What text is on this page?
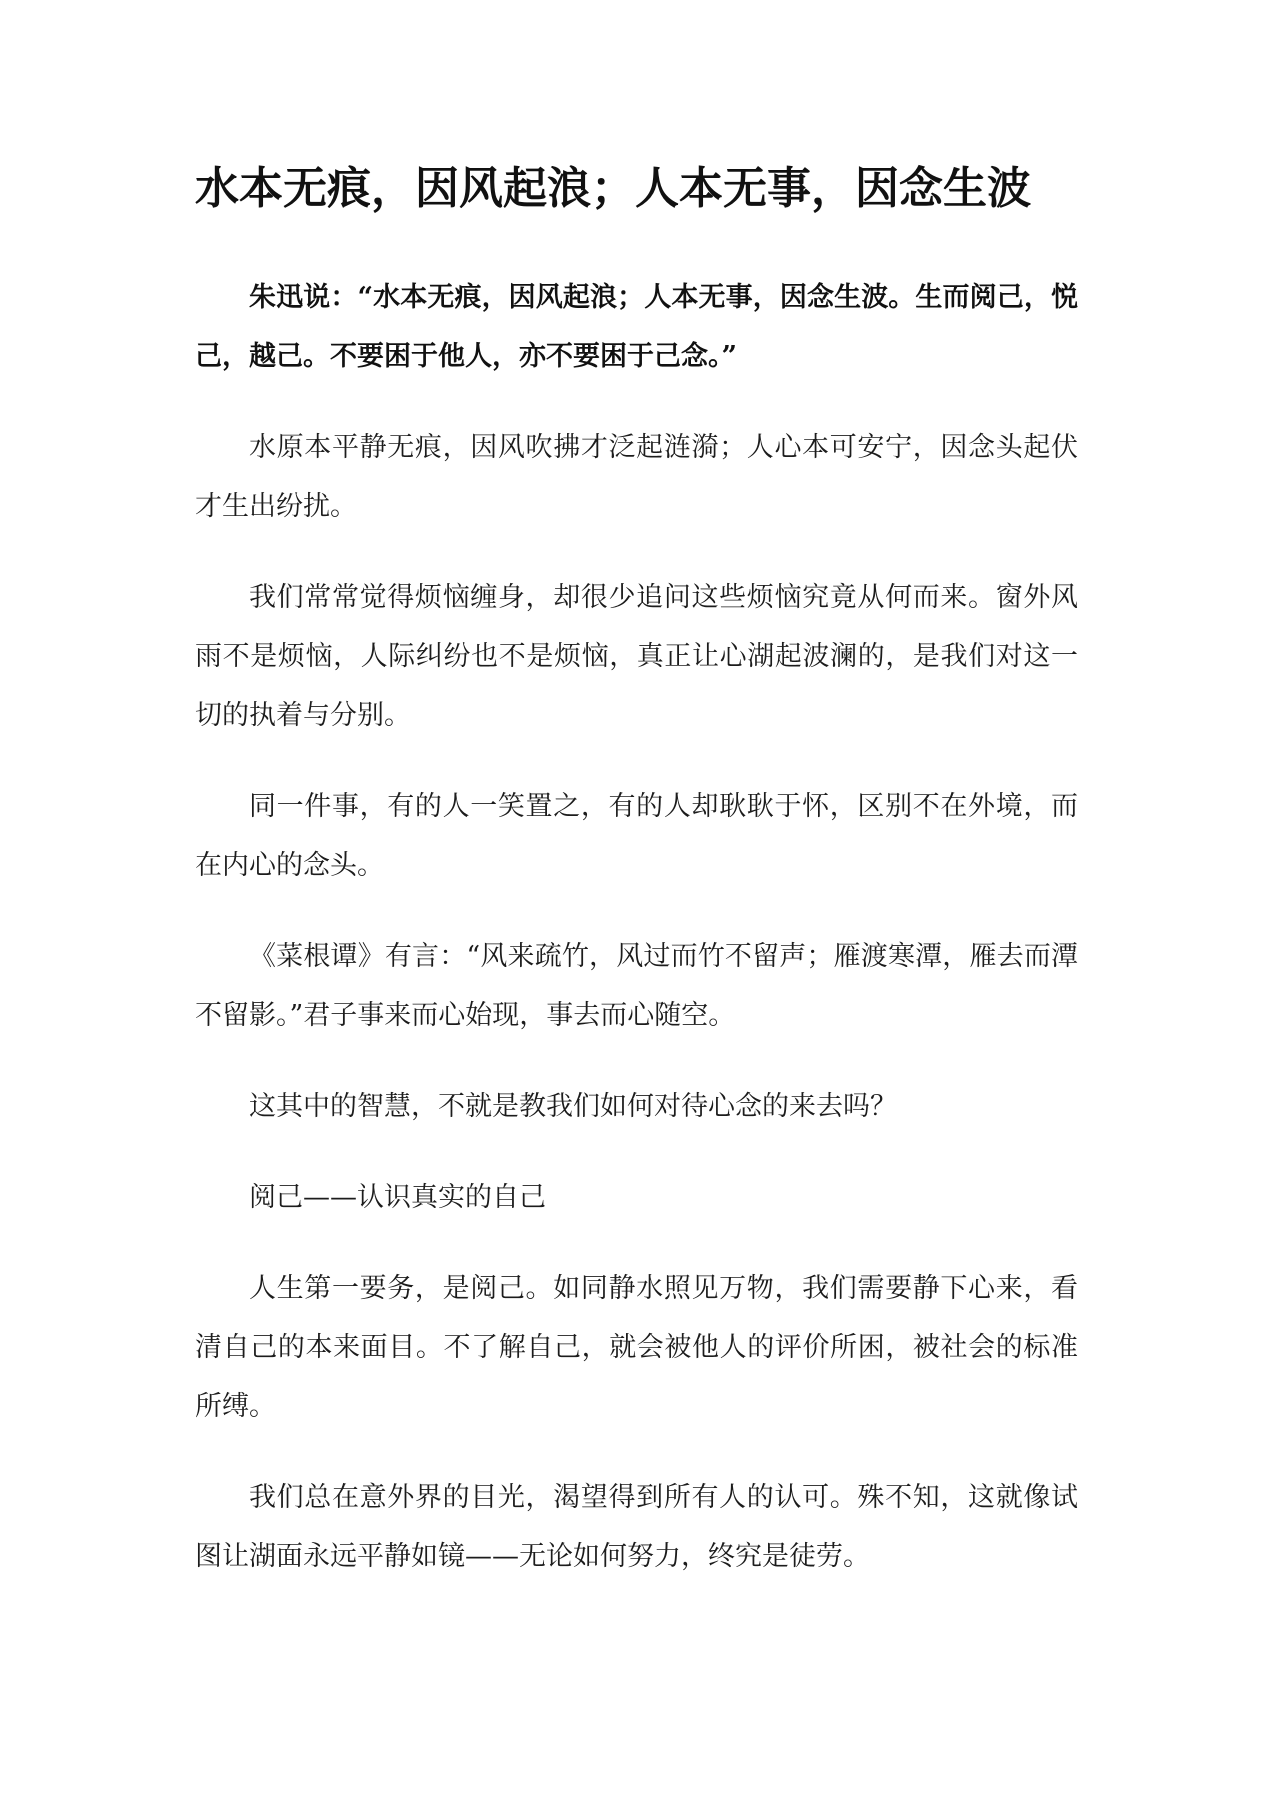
水本无痕，因风起浪；人本无事，因念生波

朱迅说：“水本无痕，因风起浪；人本无事，因念生波。生而阅己，悦己，越己。不要困于他人，亦不要困于己念。”

水原本平静无痕，因风吹拂才泛起涟漪；人心本可安宁，因念头起伏才生出纷扰。

我们常常觉得烦恼缠身，却很少追问这些烦恼究竟从何而来。窗外风雨不是烦恼，人际纠纷也不是烦恼，真正让心湖起波澜的，是我们对这一切的执着与分别。

同一件事，有的人一笑置之，有的人却耿耿于怀，区别不在外境，而在内心的念头。

《菜根谭》有言：“风来疏竹，风过而竹不留声；雁渡寒潭，雁去而潭不留影。”君子事来而心始现，事去而心随空。

这其中的智慧，不就是教我们如何对待心念的来去吗？

阅己——认识真实的自己

人生第一要务，是阅己。如同静水照见万物，我们需要静下心来，看清自己的本来面目。不了解自己，就会被他人的评价所困，被社会的标准所缚。

我们总在意外界的目光，渴望得到所有人的认可。殊不知，这就像试图让湖面永远平静如镜——无论如何努力，终究是徒劳。
